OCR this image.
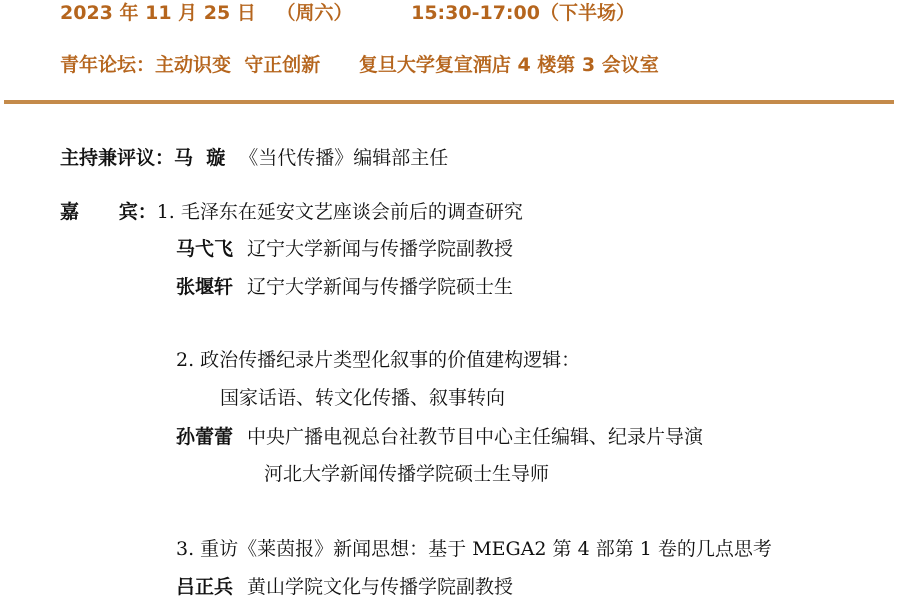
2023 年 11 月 25 日 （周六）	15:30-17:00（下半场）
青年论坛：主动识变  守正创新 复旦大学复宣酒店 4 楼第 3 会议室
主持兼评议：马  璇 《当代传播》编辑部主任
嘉      宾：1. 毛泽东在延安文艺座谈会前后的调查研究
马弋飞 辽宁大学新闻与传播学院副教授
张堰轩 辽宁大学新闻与传播学院硕士生
2. 政治传播纪录片类型化叙事的价值建构逻辑：
国家话语、转文化传播、叙事转向
孙蕾蕾 中央广播电视总台社教节目中心主任编辑、纪录片导演
河北大学新闻传播学院硕士生导师
3. 重访《莱茵报》新闻思想：基于 MEGA2 第 4 部第 1 卷的几点思考
吕正兵 黄山学院文化与传播学院副教授
